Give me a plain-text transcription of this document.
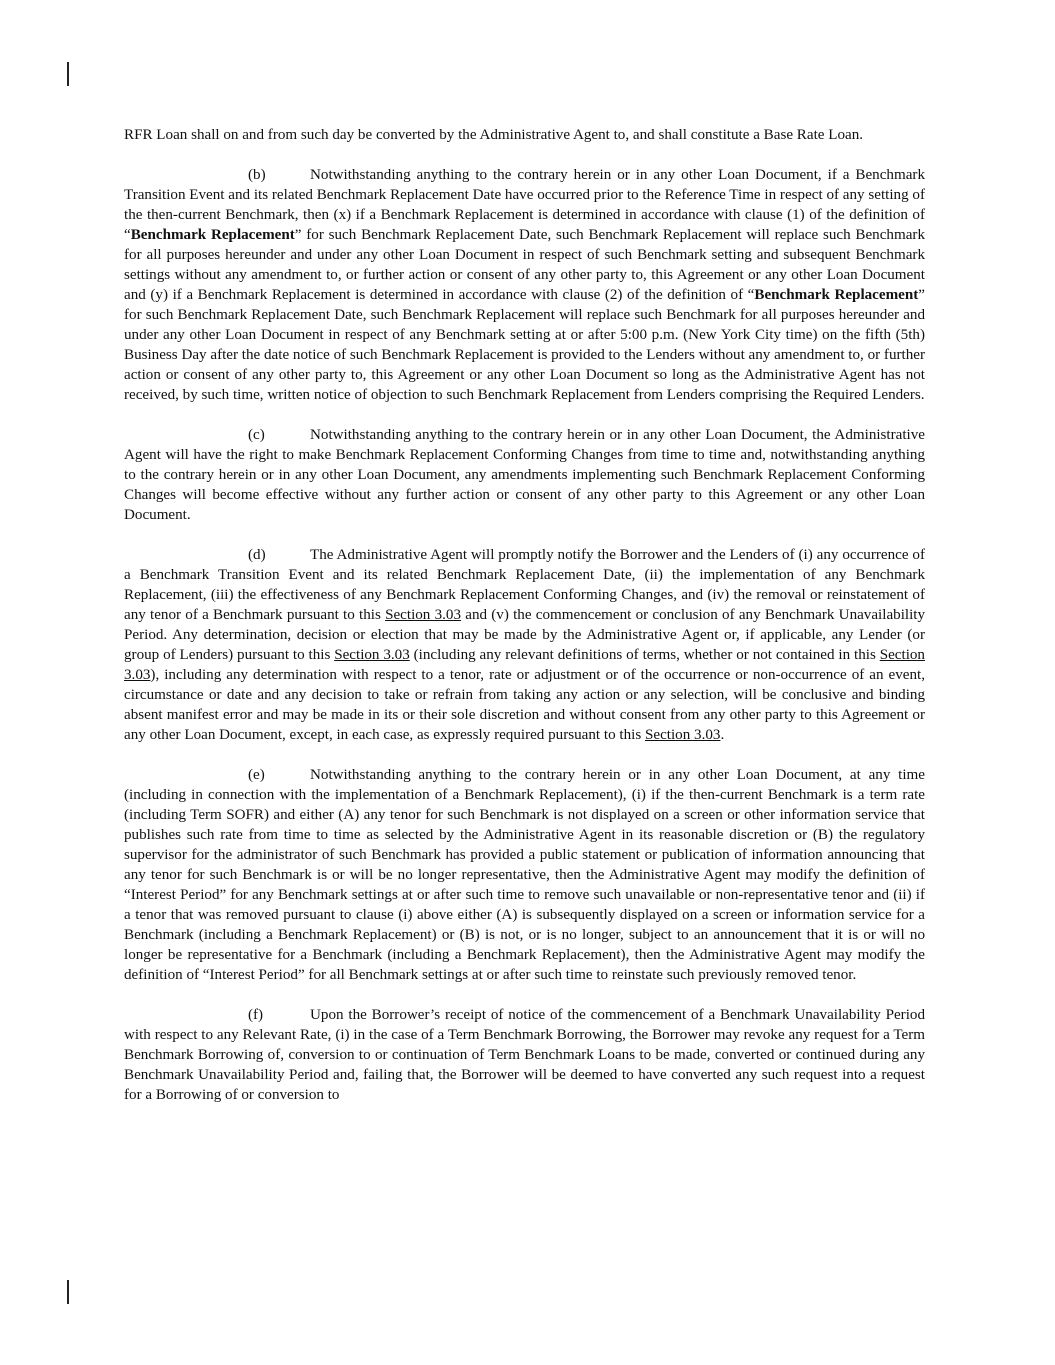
RFR Loan shall on and from such day be converted by the Administrative Agent to, and shall constitute a Base Rate Loan.

(b)	Notwithstanding anything to the contrary herein or in any other Loan Document, if a Benchmark Transition Event and its related Benchmark Replacement Date have occurred prior to the Reference Time in respect of any setting of the then-current Benchmark, then (x) if a Benchmark Replacement is determined in accordance with clause (1) of the definition of “Benchmark Replacement” for such Benchmark Replacement Date, such Benchmark Replacement will replace such Benchmark for all purposes hereunder and under any other Loan Document in respect of such Benchmark setting and subsequent Benchmark settings without any amendment to, or further action or consent of any other party to, this Agreement or any other Loan Document and (y) if a Benchmark Replacement is determined in accordance with clause (2) of the definition of “Benchmark Replacement” for such Benchmark Replacement Date, such Benchmark Replacement will replace such Benchmark for all purposes hereunder and under any other Loan Document in respect of any Benchmark setting at or after 5:00 p.m. (New York City time) on the fifth (5th) Business Day after the date notice of such Benchmark Replacement is provided to the Lenders without any amendment to, or further action or consent of any other party to, this Agreement or any other Loan Document so long as the Administrative Agent has not received, by such time, written notice of objection to such Benchmark Replacement from Lenders comprising the Required Lenders.

(c)	Notwithstanding anything to the contrary herein or in any other Loan Document, the Administrative Agent will have the right to make Benchmark Replacement Conforming Changes from time to time and, notwithstanding anything to the contrary herein or in any other Loan Document, any amendments implementing such Benchmark Replacement Conforming Changes will become effective without any further action or consent of any other party to this Agreement or any other Loan Document.

(d)	The Administrative Agent will promptly notify the Borrower and the Lenders of (i) any occurrence of a Benchmark Transition Event and its related Benchmark Replacement Date, (ii) the implementation of any Benchmark Replacement, (iii) the effectiveness of any Benchmark Replacement Conforming Changes, and (iv) the removal or reinstatement of any tenor of a Benchmark pursuant to this Section 3.03 and (v) the commencement or conclusion of any Benchmark Unavailability Period. Any determination, decision or election that may be made by the Administrative Agent or, if applicable, any Lender (or group of Lenders) pursuant to this Section 3.03 (including any relevant definitions of terms, whether or not contained in this Section 3.03), including any determination with respect to a tenor, rate or adjustment or of the occurrence or non-occurrence of an event, circumstance or date and any decision to take or refrain from taking any action or any selection, will be conclusive and binding absent manifest error and may be made in its or their sole discretion and without consent from any other party to this Agreement or any other Loan Document, except, in each case, as expressly required pursuant to this Section 3.03.

(e)	Notwithstanding anything to the contrary herein or in any other Loan Document, at any time (including in connection with the implementation of a Benchmark Replacement), (i) if the then-current Benchmark is a term rate (including Term SOFR) and either (A) any tenor for such Benchmark is not displayed on a screen or other information service that publishes such rate from time to time as selected by the Administrative Agent in its reasonable discretion or (B) the regulatory supervisor for the administrator of such Benchmark has provided a public statement or publication of information announcing that any tenor for such Benchmark is or will be no longer representative, then the Administrative Agent may modify the definition of “Interest Period” for any Benchmark settings at or after such time to remove such unavailable or non-representative tenor and (ii) if a tenor that was removed pursuant to clause (i) above either (A) is subsequently displayed on a screen or information service for a Benchmark (including a Benchmark Replacement) or (B) is not, or is no longer, subject to an announcement that it is or will no longer be representative for a Benchmark (including a Benchmark Replacement), then the Administrative Agent may modify the definition of “Interest Period” for all Benchmark settings at or after such time to reinstate such previously removed tenor.

(f)	Upon the Borrower’s receipt of notice of the commencement of a Benchmark Unavailability Period with respect to any Relevant Rate, (i) in the case of a Term Benchmark Borrowing, the Borrower may revoke any request for a Term Benchmark Borrowing of, conversion to or continuation of Term Benchmark Loans to be made, converted or continued during any Benchmark Unavailability Period and, failing that, the Borrower will be deemed to have converted any such request into a request for a Borrowing of or conversion to
